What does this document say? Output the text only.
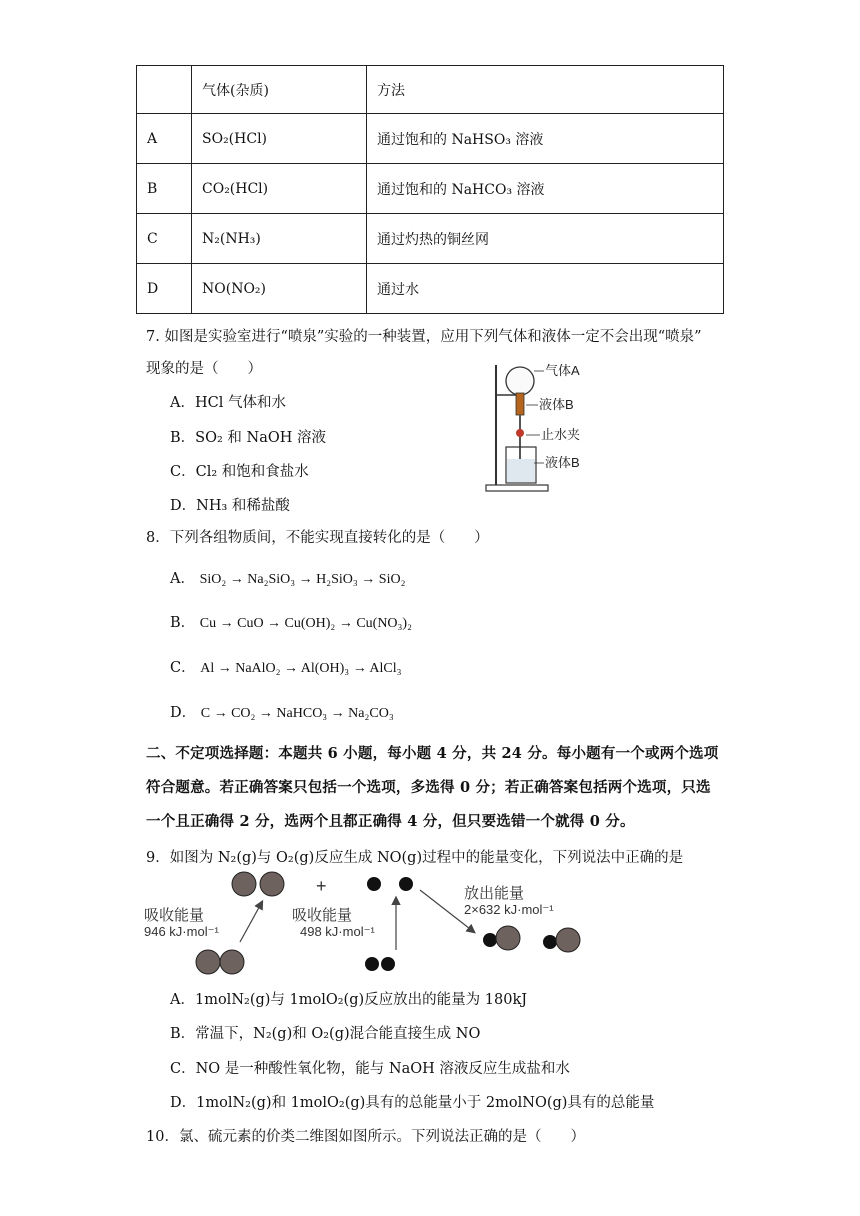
	气体(杂质)	方法
A	SO₂(HCl)	通过饱和的 NaHSO₃ 溶液
B	CO₂(HCl)	通过饱和的 NaHCO₃ 溶液
C	N₂(NH₃)	通过灼热的铜丝网
D	NO(NO₂)	通过水
7. 如图是实验室进行“喷泉”实验的一种装置，应用下列气体和液体一定不会出现“喷泉”
现象的是（　　）
A．HCl 气体和水
B．SO₂ 和 NaOH 溶液
C．Cl₂ 和饱和食盐水
D．NH₃ 和稀盐酸
气体A
液体B
止水夹
液体B
8．下列各组物质间，不能实现直接转化的是（　　）
A． SiO₂ → Na₂SiO₃ → H₂SiO₃ → SiO₂
B． Cu → CuO → Cu(OH)₂ → Cu(NO₃)₂
C． Al → NaAlO₂ → Al(OH)₃ → AlCl₃
D． C → CO₂ → NaHCO₃ → Na₂CO₃
二、不定项选择题：本题共 6 小题，每小题 4 分，共 24 分。每小题有一个或两个选项
符合题意。若正确答案只包括一个选项，多选得 0 分；若正确答案包括两个选项，只选
一个且正确得 2 分，选两个且都正确得 4 分，但只要选错一个就得 0 分。
9．如图为 N₂(g)与 O₂(g)反应生成 NO(g)过程中的能量变化，下列说法中正确的是
吸收能量
946 kJ·mol⁻¹
+
吸收能量
498 kJ·mol⁻¹
放出能量
2×632 kJ·mol⁻¹
A．1molN₂(g)与 1molO₂(g)反应放出的能量为 180kJ
B．常温下，N₂(g)和 O₂(g)混合能直接生成 NO
C．NO 是一种酸性氧化物，能与 NaOH 溶液反应生成盐和水
D．1molN₂(g)和 1molO₂(g)具有的总能量小于 2molNO(g)具有的总能量
10．氯、硫元素的价类二维图如图所示。下列说法正确的是（　　）
